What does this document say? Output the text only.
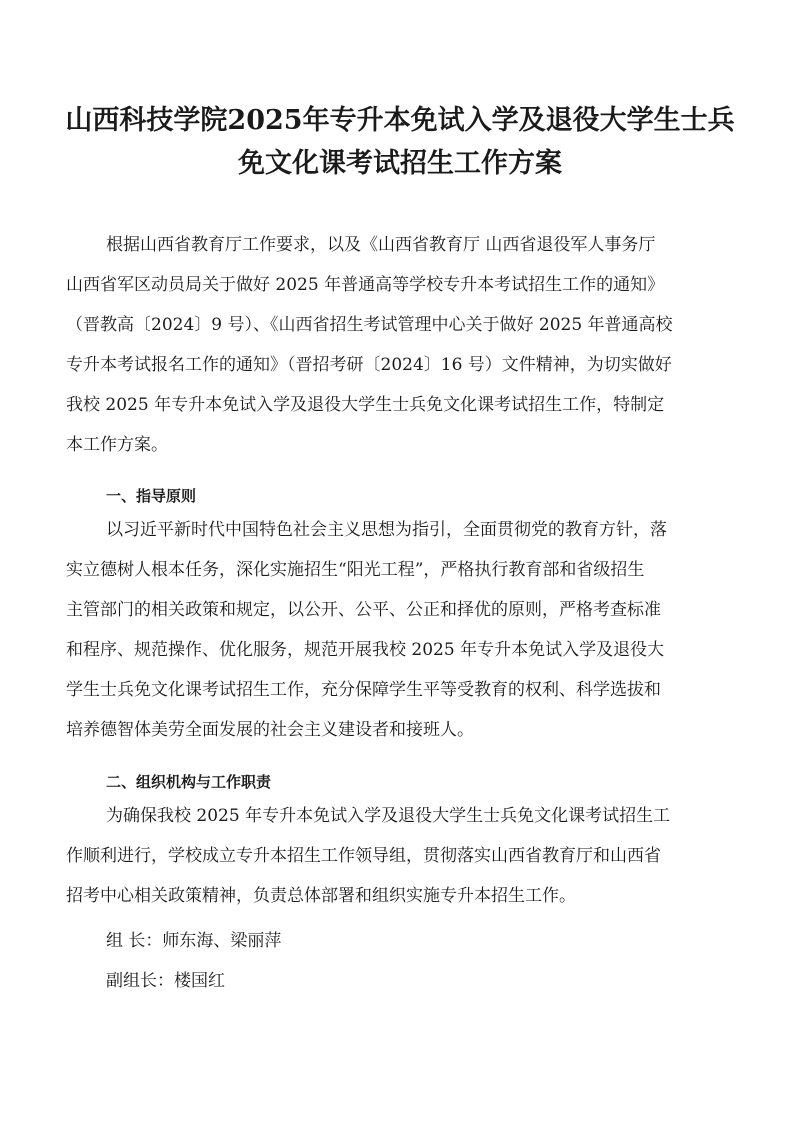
山西科技学院2025年专升本免试入学及退役大学生士兵
免文化课考试招生工作方案
根据山西省教育厅工作要求，以及《山西省教育厅 山西省退役军人事务厅
山西省军区动员局关于做好 2025 年普通高等学校专升本考试招生工作的通知》
（晋教高〔2024〕9 号）、《山西省招生考试管理中心关于做好 2025 年普通高校
专升本考试报名工作的通知》（晋招考研〔2024〕16 号）文件精神，为切实做好
我校 2025 年专升本免试入学及退役大学生士兵免文化课考试招生工作，特制定
本工作方案。
一、指导原则
以习近平新时代中国特色社会主义思想为指引，全面贯彻党的教育方针，落
实立德树人根本任务，深化实施招生“阳光工程”，严格执行教育部和省级招生
主管部门的相关政策和规定，以公开、公平、公正和择优的原则，严格考查标准
和程序、规范操作、优化服务，规范开展我校 2025 年专升本免试入学及退役大
学生士兵免文化课考试招生工作，充分保障学生平等受教育的权利、科学选拔和
培养德智体美劳全面发展的社会主义建设者和接班人。
二、组织机构与工作职责
为确保我校 2025 年专升本免试入学及退役大学生士兵免文化课考试招生工
作顺利进行，学校成立专升本招生工作领导组，贯彻落实山西省教育厅和山西省
招考中心相关政策精神，负责总体部署和组织实施专升本招生工作。
组 长：师东海、梁丽萍
副组长：楼国红
